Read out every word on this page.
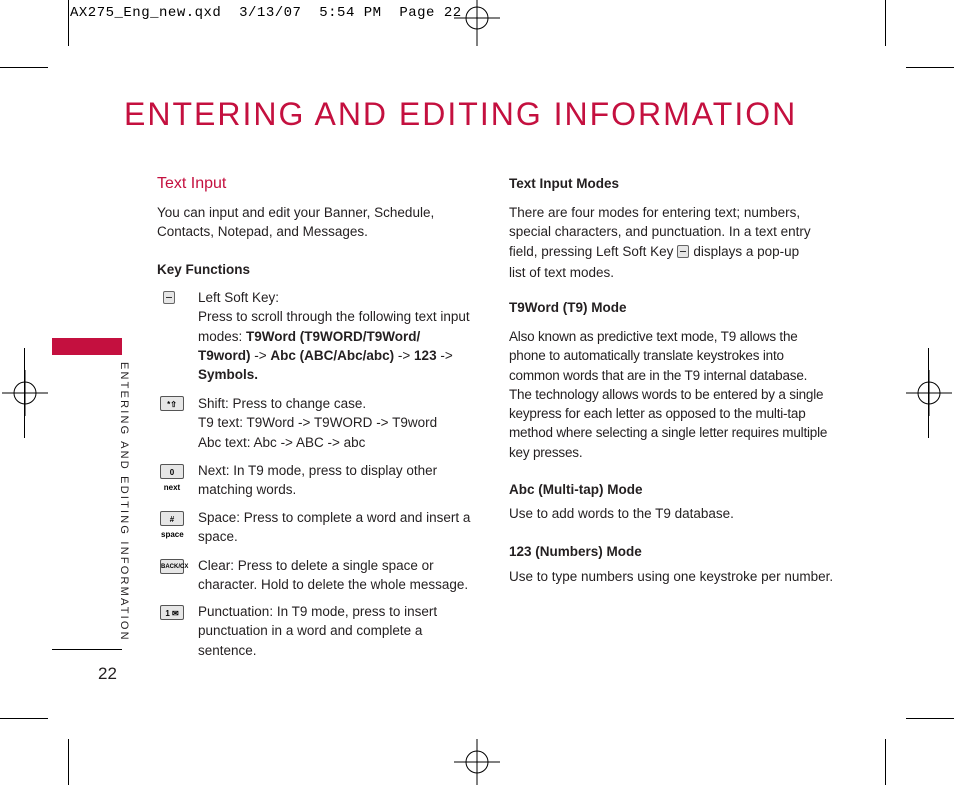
AX275_Eng_new.qxd  3/13/07  5:54 PM  Page 22
ENTERING AND EDITING INFORMATION
ENTERING AND EDITING INFORMATION
22
Text Input
You can input and edit your Banner, Schedule,
Contacts, Notepad, and Messages.
Key Functions
Left Soft Key:
Press to scroll through the following text input
modes: T9Word (T9WORD/T9Word/
T9word) -> Abc (ABC/Abc/abc) -> 123 ->
Symbols.
*⇧	Shift: Press to change case.
T9 text: T9Word -> T9WORD -> T9word
Abc text: Abc -> ABC -> abc
0 next
Next: In T9 mode, press to display other
matching words.
# space
Space: Press to complete a word and insert a
space.
BACK/CX Clear: Press to delete a single space or
character. Hold to delete the whole message.
1 ✉	Punctuation: In T9 mode, press to insert
punctuation in a word and complete a
sentence.
Text Input Modes
There are four modes for entering text; numbers,
special characters, and punctuation. In a text entry
field, pressing Left Soft Key displays a pop-up
list of text modes.
T9Word (T9) Mode
Also known as predictive text mode, T9 allows the
phone to automatically translate keystrokes into
common words that are in the T9 internal database.
The technology allows words to be entered by a single
keypress for each letter as opposed to the multi-tap
method where selecting a single letter requires multiple
key presses.
Abc (Multi-tap) Mode
Use to add words to the T9 database.
123 (Numbers) Mode
Use to type numbers using one keystroke per number.
